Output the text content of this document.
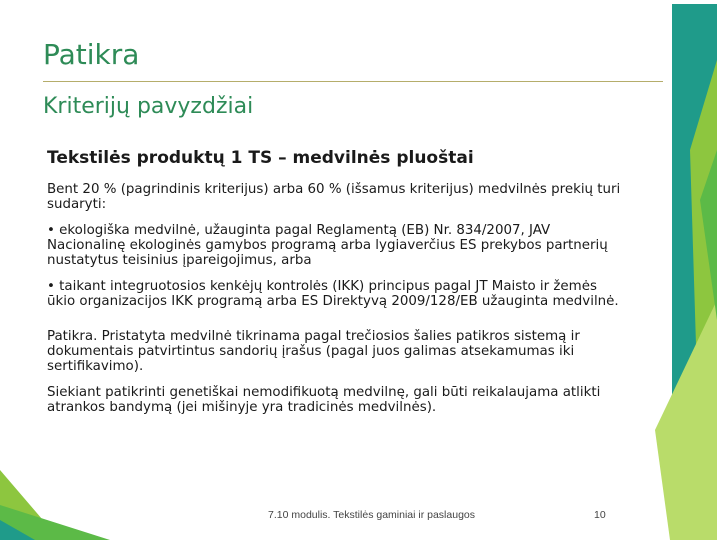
Patikra
Kriterijų pavyzdžiai

Tekstilės produktų 1 TS – medvilnės pluoštai

Bent 20 % (pagrindinis kriterijus) arba 60 % (išsamus kriterijus) medvilnės prekių turi sudaryti:

• ekologiška medvilnė, užauginta pagal Reglamentą (EB) Nr. 834/2007, JAV Nacionalinę ekologinės gamybos programą arba lygiaverčius ES prekybos partnerių nustatytus teisinius įpareigojimus, arba

• taikant integruotosios kenkėjų kontrolės (IKK) principus pagal JT Maisto ir žemės ūkio organizacijos IKK programą arba ES Direktyvą 2009/128/EB užauginta medvilnė.

Patikra. Pristatyta medvilnė tikrinama pagal trečiosios šalies patikros sistemą ir dokumentais patvirtintus sandorių įrašus (pagal juos galimas atsekamumas iki sertifikavimo).

Siekiant patikrinti genetiškai nemodifikuotą medvilnę, gali būti reikalaujama atlikti atrankos bandymą (jei mišinyje yra tradicinės medvilnės).

7.10 modulis. Tekstilės gaminiai ir paslaugos	10
